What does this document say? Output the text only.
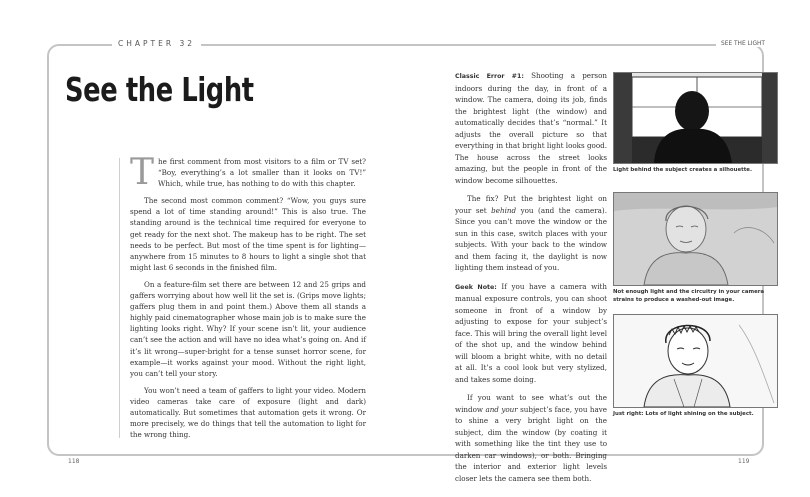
CHAPTER 32	SEE THE LIGHT
See the Light

The first comment from most visitors to a film or TV set? “Boy, everything’s a lot smaller than it looks on TV!” Which, while true, has nothing to do with this chapter.

The second most common comment? “Wow, you guys sure spend a lot of time standing around!” This is also true. The standing around is the technical time required for everyone to get ready for the next shot. The makeup has to be right. The set needs to be perfect. But most of the time spent is for lighting—anywhere from 15 minutes to 8 hours to light a single shot that might last 6 seconds in the finished film.

On a feature-film set there are between 12 and 25 grips and gaffers worrying about how well lit the set is. (Grips move lights; gaffers plug them in and point them.) Above them all stands a highly paid cinematographer whose main job is to make sure the lighting looks right. Why? If your scene isn’t lit, your audience can’t see the action and will have no idea what’s going on. And if it’s lit wrong—super-bright for a tense sunset horror scene, for example—it works against your mood. Without the right light, you can’t tell your story.

You won’t need a team of gaffers to light your video. Modern video cameras take care of exposure (light and dark) automatically. But sometimes that automation gets it wrong. Or more precisely, we do things that tell the automation to light for the wrong thing.

Classic Error #1: Shooting a person indoors during the day, in front of a window. The camera, doing its job, finds the brightest light (the window) and automatically decides that’s “normal.” It adjusts the overall picture so that everything in that bright light looks good. The house across the street looks amazing, but the people in front of the window become silhouettes.

The fix? Put the brightest light on your set behind you (and the camera). Since you can’t move the window or the sun in this case, switch places with your subjects. With your back to the window and them facing it, the daylight is now lighting them instead of you.

Geek Note: If you have a camera with manual exposure controls, you can shoot someone in front of a window by adjusting to expose for your subject’s face. This will bring the overall light level of the shot up, and the window behind will bloom a bright white, with no detail at all. It’s a cool look but very stylized, and takes some doing.

If you want to see what’s out the window and your subject’s face, you have to shine a very bright light on the subject, dim the window (by coating it with something like the tint they use to darken car windows), or both. Bringing the interior and exterior light levels closer lets the camera see them both.

Light behind the subject creates a silhouette.
Not enough light and the circuitry in your camera strains to produce a washed-out image.
Just right: Lots of light shining on the subject.
118	119
